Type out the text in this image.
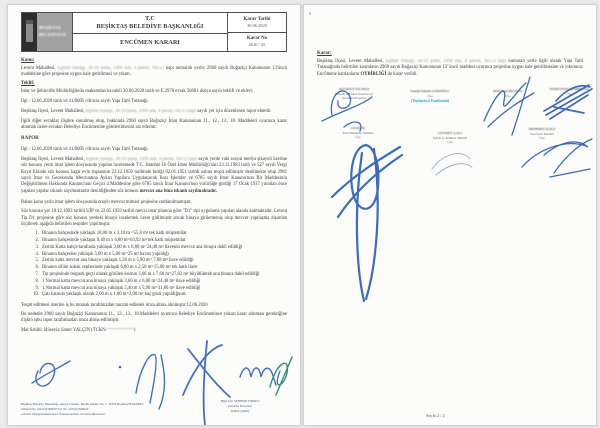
BEŞİKTAŞ
BELEDİYESİ
T.C
BEŞİKTAŞ BELEDİYE BAŞKANLIĞI
ENCÜMEN KARARI
Karar Tarihi
30.06.2020
Karar No
2020 / 45

Konu:

Levent Mahallesi, Eğitim Sokağı, 36-19 pafta, 1490 ada, 4 parsel, No:13 kapı numaralı yerin; 2960 sayılı Boğaziçi Kanununun 13'üncü maddesine göre projesine uygun hale getirilmesi ve yıkım.

Teklif:

İmar ve Şehircilik Müdürlüğünün makamdan havaleli 30.06.2020 tarih ve E.2978 evrak 56681 dosya sayılı teklifi ve ekleri;

İlgi : 12.06.2020 tarih ve 41/0005 cilt/sıra sayılı Yapı Tatil Tutanağı.

Beşiktaş İlçesi, Levent Mahallesi, Eğitim Sokağı, 36-19 pafta, 1490 ada, 4 parsel, No:13 kapı sayılı yer için düzenlenen rapor ektedir.

İlgili diğer evraklar ilişikte sunulmuş olup, hakkında 2960 sayılı Boğaziçi İmar Kanununun 11., 12., 13., 18. Maddeleri uyarınca karar alınmak üzere evrakın Belediye Encümenine gönderilmesini arz ederim.

RAPOR

İlgi : 12.06.2020 tarih ve 41/0005 cilt/sıra sayılı Yapı Tatil Tutanağı.

Beşiktaş İlçesi, Levent Mahallesi, Eğitim Sokağı, 36-19 pafta, 1490 ada, 4 parsel, No:13 kapı sayılı yerde vaki sosyal medya şikayeti üzerine söz konusu yerin imar işlem dosyasında yapılan incelemede T.C. İstanbul İli Özel İdare Müdürlüğü'nün 23.11.1983 tarih ve 527 sayılı Vergi Kayıt Ekinde söz konusu kagir evin inşaatının 22.12.1950 tarihinde bittiği 02.01.1951 tarihli zabıta tespit edilmiştir denilmekte olup 2981 sayılı İmar ve Gecekondu Mevzuatına Aykırı Yapılara Uygulanacak Bazı İşlemler ve 6785 sayılı İmar Kanunu'nun Bir Maddesinin Değiştirilmesi Hakkında Kanunu'nun Geçici 2.Maddesine göre 6785 sayılı İmar Kanunu'nun yürürlüğe girdiği 17 Ocak 1937 yılından önce yapılan yapılar iskanlı sayılmaktadır denildiğinden söz konusu mevcut ana bina iskanlı sayılmaktadır.

Bahse konu yerin imar işlem dosyasında onaylı mevcut mimari projesine rastlanılmamıştır.

Söz konusu yer 10.12.1993 tarihli UİP ve 22.05.1959 tarihli mevzi imar planına göre "D1" tipi uygulama yapılan alanda kalmaktadır. Levent Tip D1 projesine göre söz konusu yerdeki binaya incelemek üzere gidilmiştir ancak binaya girilememiş olup mevcut yapılaşma dışardan ölçülerek aşağıda belirtilen tespitler yapılmıştır.

1. Binanın bahçesinde yaklaşık 18,00 m x 3,10 m =55,8 m² tek katlı müştemilat
2. Binanın bahçesinde yaklaşık 9,40 m x 6,80 m=63,92 m² tek katlı müştemilat
3. Zemin Katta bahçe tarafında yaklaşık 3,60 m x 6,80 m=24,48 m² ilavenin mevcut ana binaya dahil edildiği
4. Binanın bahçesine yaklaşık 5,00 m x 5,00 m=25 m² havuz yapıldığı
5. Zemin katta mevcut ana binaya yaklaşık 1,20 m x 5,90 m= 7,08 m² ilave edildiği
6. Binanın silüm sokak cephesinde yaklaşık 6,00 m x 2,50 m=15,00 m² tek katlı ilave
7. Tip projesinde otopark geçti olarak görülen kısmın 3,66 m x 7,60 m=27,82 m² büyütülerek ana binaya dahil edildiği
8. 1.Normal katta mevcut ana binaya yaklaşık 3,60 m x 6,80 m=24,48 m² ilave edildiği
9. 1.Normal katta mevcut ana binaya yaklaşık 5,40 m x 5,90 m=31,86 m² ilave edildiği
10. Çatı katında yaklaşık olarak 2,00 m x 1,00 m=2,00 m² kuş gözü yapıldığının;

Tespit edilmesi üzerine iş bu tutanak tarafımızdan tanzim edilerek imza altına alınmıştır.12.06.2020

Bu nedenle 2960 sayılı Boğaziçi Kanununun 11., 12., 13., 18.Maddeleri uyarınca Belediye Encümenince yukarı karar alınması gerektiğine ilişkin işbu rapor tarafımızdan imza altına edilmiştir.

Mal Sahibi: Hüseyin Soner YALÇIN (TCKN: ***********)

Beşiktaş Belediye Başkanlığı, Akçay Caddesi, Bazlık Sokak, No: 1, 34353 Beşiktaş/İSTANBUL
Telefon No: (0212)2369620 Fax No: (0212)2369629
e-Posta: bilgi@besiktas.bel.tr İnternet Adresi: www.besiktas.bel.tr
Bilgi için: ŞEBNEM FIRINCI
Kararlar Personeli
Dahili (dahili)
ᵴ	˙
Karar:

Beşiktaş İlçesi, Levent Mahallesi, Eğitim Sokağı, 36-19 pafta, 1490 ada, 4 parsel, No:13 kapı numaralı yerle ilgili olarak Yapı Tatil Tutanağında belirtilen kısımların 2960 sayılı Boğaziçi Kanununun 13' üncü maddesi uyarınca projesine uygun hale getirilmesine ve yıkımına; Encümene katılanların OYBİRLİĞİ ile karar verildi.

ALİ RIZA YILMAZ
(Belediye Başkan Yardımcısı)
Encümen Başkanı
İsmail Selçuk ÇUROĞLU
Üye
(Toplantıya Katılmadı)
HALİL KARAGÜL
Üye
NURETTİN DEMİRCAN
Üye
OZAN İŞ
Mali Hizmetler Müdürü
Üye
CEVDET ÇALI
Emlak ve İstimlak Müdürü
Üye
MEHMET KAYA
Yazı İşleri Müdürü
Üye
Sayfa 2 / 2
